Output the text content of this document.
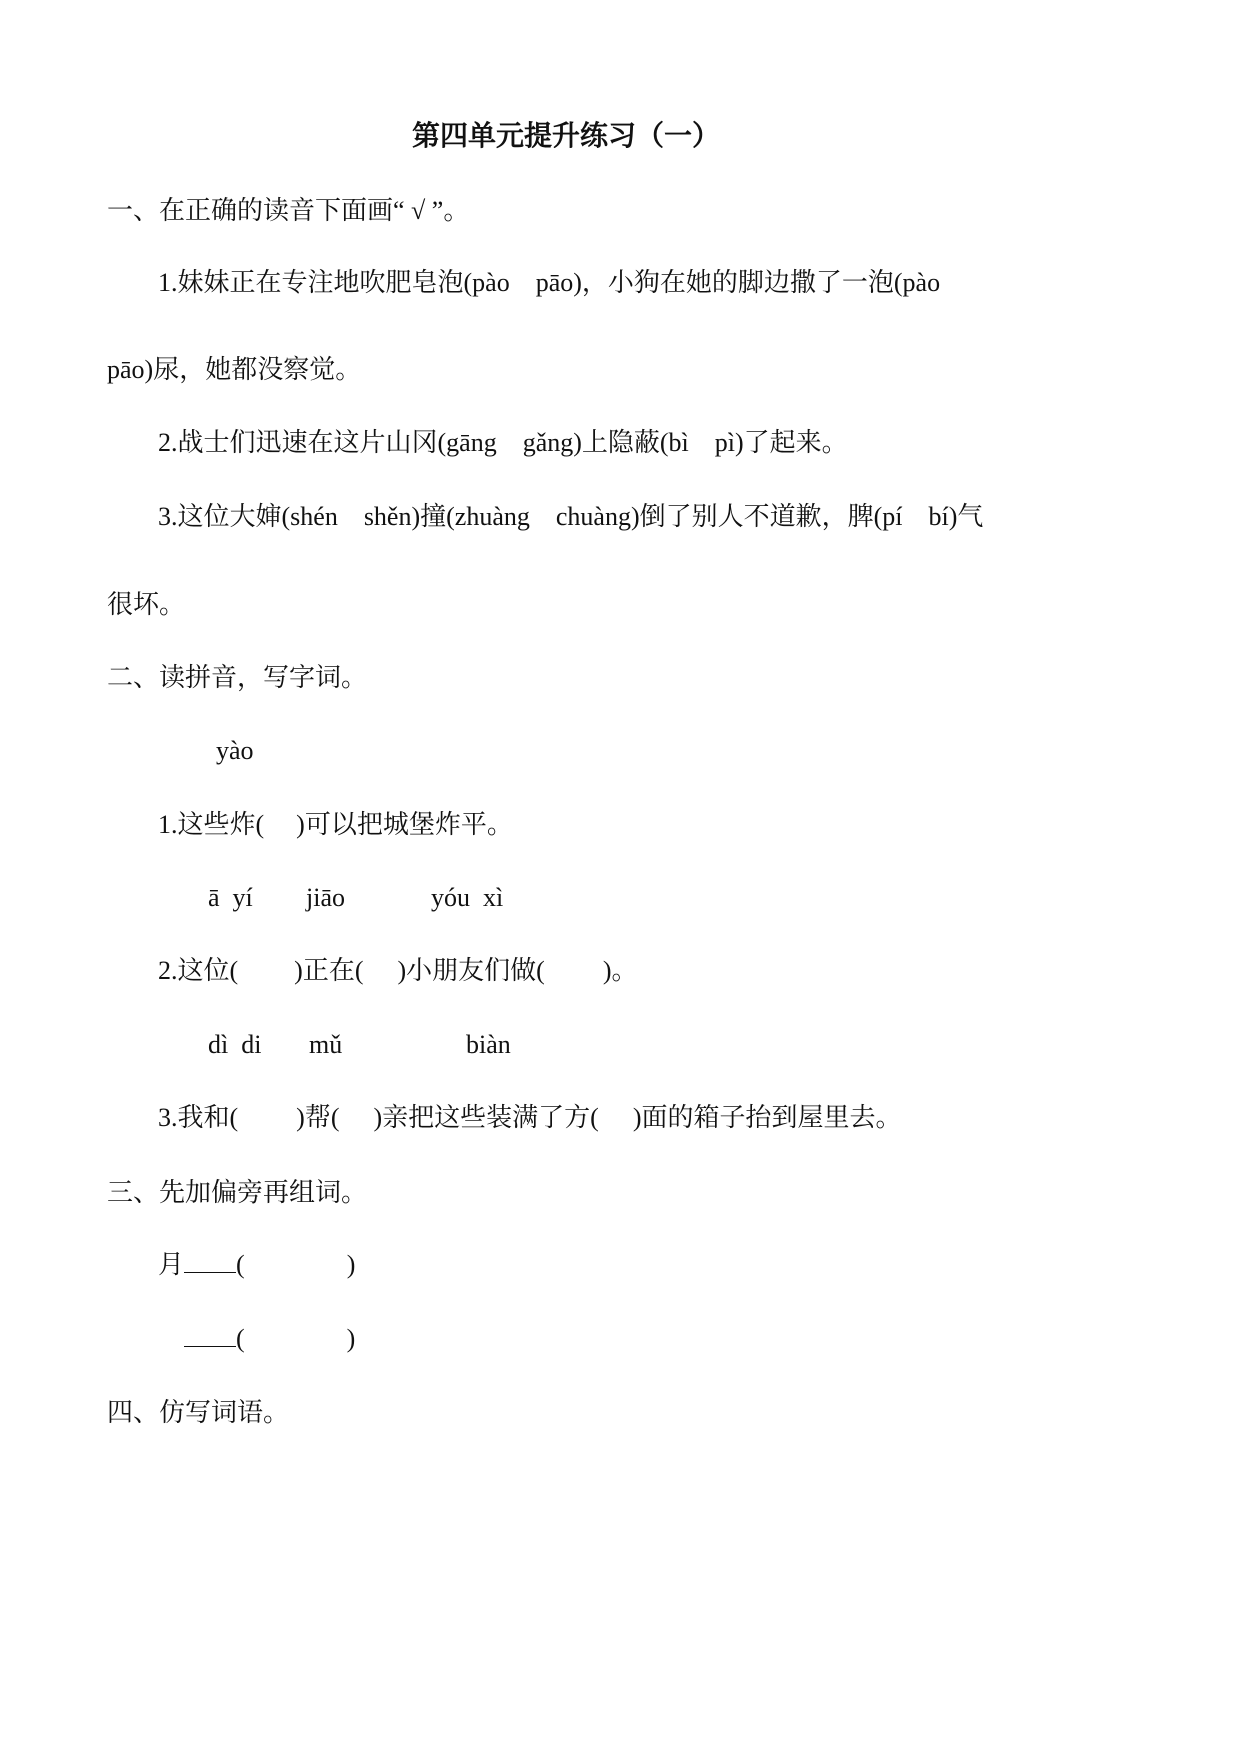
第四单元提升练习（一）
一、在正确的读音下面画“ √ ”。
1.妹妹正在专注地吹肥皂泡(pào　pāo)，小狗在她的脚边撒了一泡(pào
pāo)尿，她都没察觉。
2.战士们迅速在这片山冈(gāng　gǎng)上隐蔽(bì　pì)了起来。
3.这位大婶(shén　shěn)撞(zhuàng　chuàng)倒了别人不道歉，脾(pí　bí)气
很坏。
二、读拼音，写字词。
yào
1.这些炸( )可以把城堡炸平。
ā  yí jiāo	yóu  xì
2.这位( )正在( )小朋友们做( )。
dì  di mǔ	biàn
3.我和( )帮( )亲把这些装满了方( )面的箱子抬到屋里去。
三、先加偏旁再组词。
月 (	)
(	)
四、仿写词语。
